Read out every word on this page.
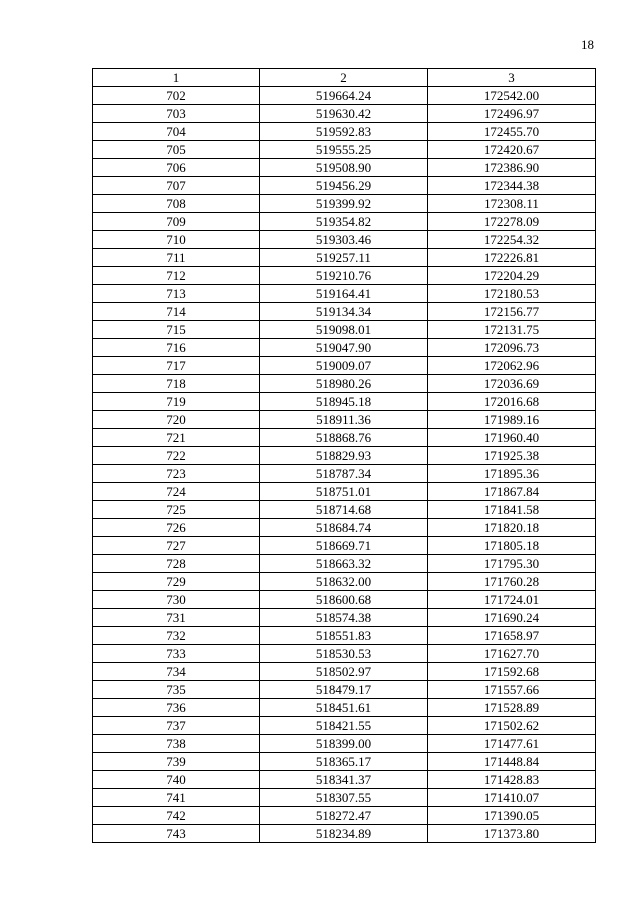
18
1	2	3
702	519664.24	172542.00
703	519630.42	172496.97
704	519592.83	172455.70
705	519555.25	172420.67
706	519508.90	172386.90
707	519456.29	172344.38
708	519399.92	172308.11
709	519354.82	172278.09
710	519303.46	172254.32
711	519257.11	172226.81
712	519210.76	172204.29
713	519164.41	172180.53
714	519134.34	172156.77
715	519098.01	172131.75
716	519047.90	172096.73
717	519009.07	172062.96
718	518980.26	172036.69
719	518945.18	172016.68
720	518911.36	171989.16
721	518868.76	171960.40
722	518829.93	171925.38
723	518787.34	171895.36
724	518751.01	171867.84
725	518714.68	171841.58
726	518684.74	171820.18
727	518669.71	171805.18
728	518663.32	171795.30
729	518632.00	171760.28
730	518600.68	171724.01
731	518574.38	171690.24
732	518551.83	171658.97
733	518530.53	171627.70
734	518502.97	171592.68
735	518479.17	171557.66
736	518451.61	171528.89
737	518421.55	171502.62
738	518399.00	171477.61
739	518365.17	171448.84
740	518341.37	171428.83
741	518307.55	171410.07
742	518272.47	171390.05
743	518234.89	171373.80
